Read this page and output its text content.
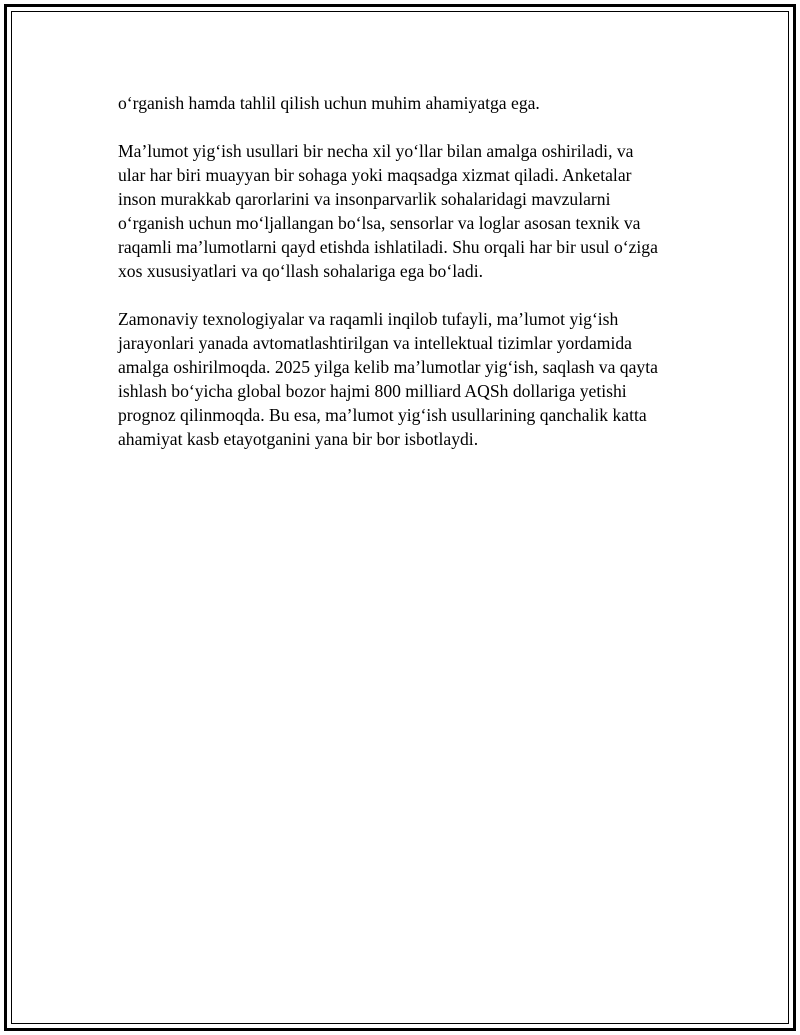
o‘rganish hamda tahlil qilish uchun muhim ahamiyatga ega.

Ma’lumot yig‘ish usullari bir necha xil yo‘llar bilan amalga oshiriladi, va
ular har biri muayyan bir sohaga yoki maqsadga xizmat qiladi. Anketalar
inson murakkab qarorlarini va insonparvarlik sohalaridagi mavzularni
o‘rganish uchun mo‘ljallangan bo‘lsa, sensorlar va loglar asosan texnik va
raqamli ma’lumotlarni qayd etishda ishlatiladi. Shu orqali har bir usul o‘ziga
xos xususiyatlari va qo‘llash sohalariga ega bo‘ladi.

Zamonaviy texnologiyalar va raqamli inqilob tufayli, ma’lumot yig‘ish
jarayonlari yanada avtomatlashtirilgan va intellektual tizimlar yordamida
amalga oshirilmoqda. 2025 yilga kelib ma’lumotlar yig‘ish, saqlash va qayta
ishlash bo‘yicha global bozor hajmi 800 milliard AQSh dollariga yetishi
prognoz qilinmoqda. Bu esa, ma’lumot yig‘ish usullarining qanchalik katta
ahamiyat kasb etayotganini yana bir bor isbotlaydi.
